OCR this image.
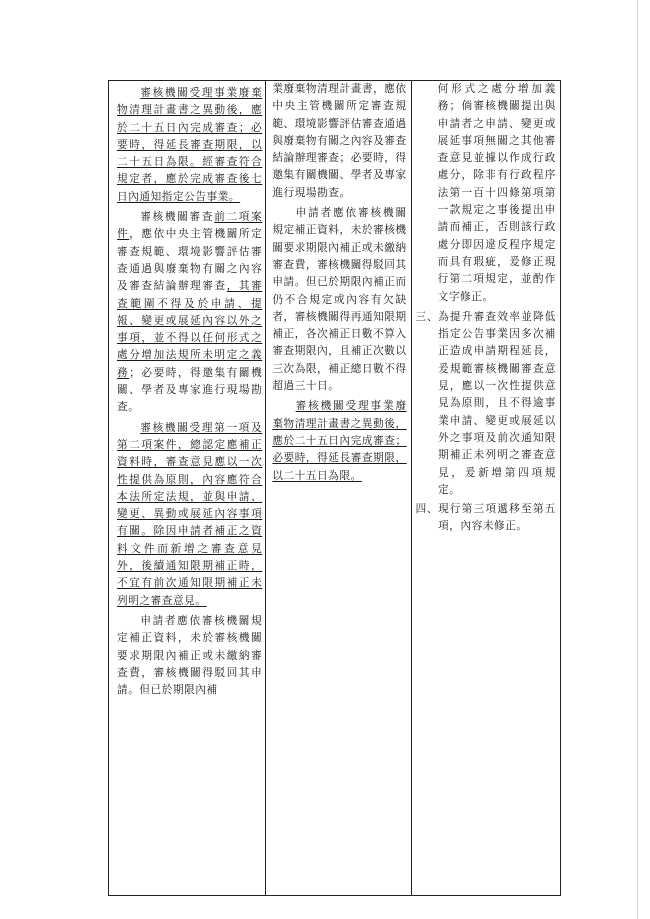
審核機關受理事業廢棄物清理計畫書之異動後，應於二十五日內完成審查；必要時，得延長審查期限，以二十五日為限。經審查符合規定者，應於完成審查後七日內通知指定公告事業。

審核機關審查前二項案件，應依中央主管機關所定審查規範、環境影響評估審查通過與廢棄物有關之內容及審查結論辦理審查，其審查範圍不得及於申請、提報、變更或展延內容以外之事項，並不得以任何形式之處分增加法規所未明定之義務；必要時，得邀集有關機關、學者及專家進行現場勘查。

審核機關受理第一項及第二項案件，總認定應補正資料時，審查意見應以一次性提供為原則，內容應符合本法所定法規，並與申請、變更、異動或展延內容事項有關。除因申請者補正之資料文件而新增之審查意見外，後續通知限期補正時，不宜有前次通知限期補正未列明之審查意見。

申請者應依審核機關規定補正資料，未於審核機關要求期限內補正或未繳納審查費，審核機關得駁回其申請。但已於期限內補

業廢棄物清理計畫書，應依中央主管機關所定審查規範、環境影響評估審查通過與廢棄物有關之內容及審查結論辦理審查；必要時，得邀集有關機關、學者及專家進行現場勘查。

申請者應依審核機關規定補正資料，未於審核機關要求期限內補正或未繳納審查費，審核機關得駁回其申請。但已於期限內補正而仍不合規定或內容有欠缺者，審核機關得再通知限期補正，各次補正日數不算入審查期限內，且補正次數以三次為限，補正總日數不得超過三十日。

審核機關受理事業廢棄物清理計畫書之異動後，應於二十五日內完成審查；必要時，得延長審查期限，以二十五日為限。

何形式之處分增加義務；倘審核機關提出與申請者之申請、變更或展延事項無關之其他審查意見並據以作成行政處分，除非有行政程序法第一百十四條第項第一款規定之事後提出申請而補正，否則該行政處分即因違反程序規定而具有瑕疵，爰修正現行第二項規定，並酌作文字修正。
三、 為提升審查效率並降低指定公告事業因多次補正造成申請期程延長，爰規範審核機關審查意見，應以一次性提供意見為原則，且不得逾事業申請、變更或展延以外之事項及前次通知限期補正未列明之審查意見，爰新增第四項規定。
四、 現行第三項遞移至第五項，內容未修正。
